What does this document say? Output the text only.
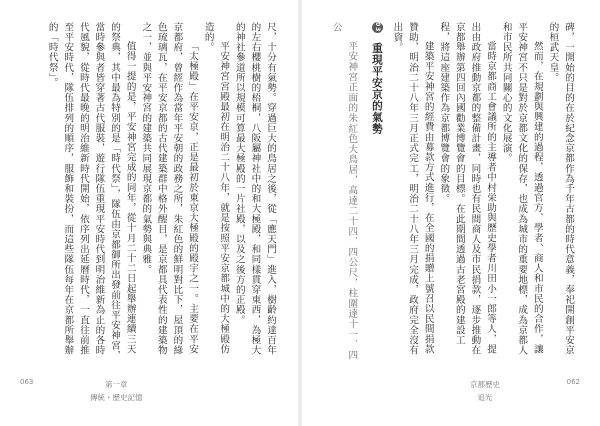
尺，十分有氣勢。穿過巨大的鳥居之後，從「應天門」進入，樹齡約達百年的左右櫻桃樹的梧桐，八阪屬神社中的和大極殿，和同樣貫穿東西，為極大的神社參道所以規模可算最大極殿的一片社殿，以及之後方的正殿。

平安神宮宮殿最初在明治二十八年，就是按照平安京都城中的大極殿仿造的。

「太極殿」在平安京，正是最初於東京大極殿的殿宇之一。主要在平安京都府，曾經作為當年平安朝的政務之所，朱紅色的鮮明對比下，屋頂的綠色琉璃瓦，在平安京都的古代建築群中格外醒目，是京都具代表性的建築物之一，並與平安神宮的建築共同展現京都的氣勢與典雅。

值得一提的是，平安神宮完成的同年，從十月二十二日起舉辦連續三天的祭典，其中最為特別的是「時代祭」，隊伍由京都御所出發前往平安神宮，當時參與者皆穿著古代服裝，遊行隊伍重現平安時代到明治維新為止的各時代風貌，從時代最晚的明治維新時代開始，依序列出延曆時代，一直往前推至平安時代，隊伍排列的順序，服飾和裝扮，而這些隊伍每年在京都所舉辦的「時代祭」。

063	第一章
傳統・歷史記憶

碑，一開始的目的在於紀念京都作為千年古都的時代意義，奉祀開創平安京的桓武天皇。

然而，在規劃與興建的過程，透過官方、學者、商人和市民的合作，讓平安神宮不只是對於京都文化的保存，也成為城市的重要地標，成為京都人和市民所共同關心的文化展演。

當時京都商工會議所的主導者中村栄助與歷史學者川田小一郎等人，提出由政府推動京都的整備計畫，同時也有民間商人及市民捐款，逐步推動在京都舉辦第四回內國勸業博覽會的目標。在此期間透過古老宮殿的建設工程，將這座建築作為京都博覽會的象徵。

建築平安神宮的經費由募款方式進行，在全國的捐贈上號召以民間捐款贊助，明治二十八年三月正式完工，明治二十八年三月完成，政府完全沒有出資。

03 重現平安京的氣勢

平安神宮正面的朱紅色大鳥居，高達二十四．四公尺，柱圍達十一．四公

京都歷史
追光
062
